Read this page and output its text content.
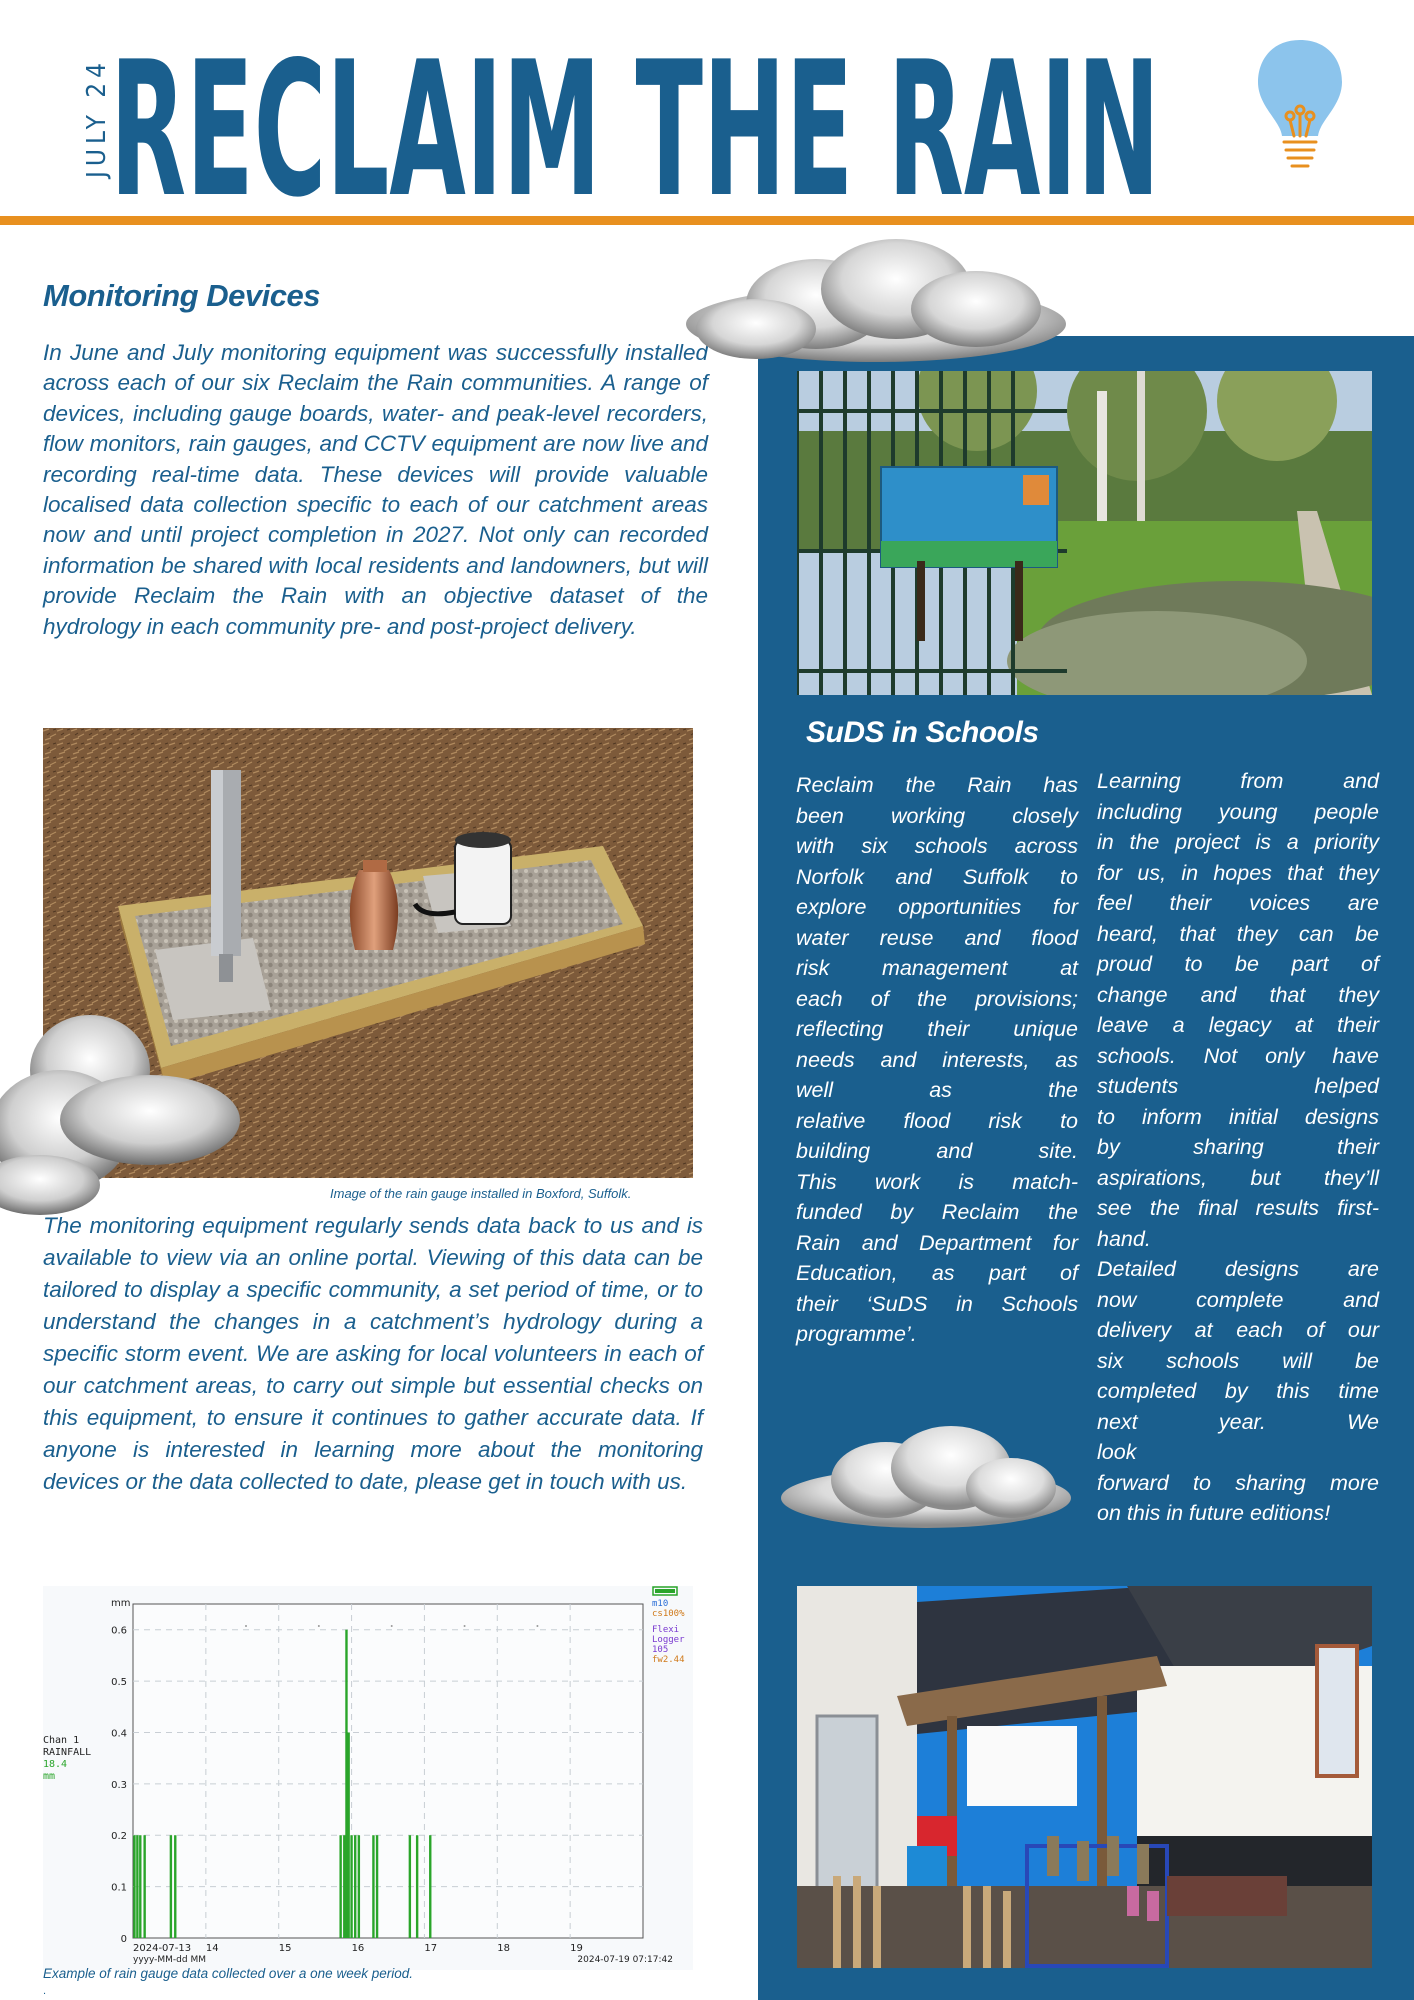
JULY 24
RECLAIM THE RAIN
Monitoring Devices

In June and July monitoring equipment was successfully installed across each of our six Reclaim the Rain communities. A range of devices, including gauge boards, water- and peak-level recorders, flow monitors, rain gauges, and CCTV equipment are now live and recording real-time data. These devices will provide valuable localised data collection specific to each of our catchment areas now and until project completion in 2027. Not only can recorded information be shared with local residents and landowners, but will provide Reclaim the Rain with an objective dataset of the hydrology in each community pre- and post-project delivery.

Image of the rain gauge installed in Boxford, Suffolk.

The monitoring equipment regularly sends data back to us and is available to view via an online portal. Viewing of this data can be tailored to display a specific community, a set period of time, or to understand the changes in a catchment’s hydrology during a specific storm event. We are asking for local volunteers in each of our catchment areas, to carry out simple but essential checks on this equipment, to ensure it continues to gather accurate data. If anyone is interested in learning more about the monitoring devices or the data collected to date, please get in touch with us.

0
0.1
0.2
0.3
0.4
0.5
0.6
mm
2024-07-13 14	15	16	17	18	19
yyyy-MM-dd MM	2024-07-19 07:17:42
Chan 1
RAINFALL
18.4
mm
m10
cs100%
Flexi
Logger
105
fw2.44
Example of rain gauge data collected over a one week period.
.
SuDS in Schools
Reclaim the Rain has
been working closely
with six schools across
Norfolk and Suffolk to
explore opportunities for
water reuse and flood
risk management at
each of the provisions;
reflecting their unique
needs and interests, as
well as the
relative flood risk to
building and site.
This work is match-
funded by Reclaim the
Rain and Department for
Education, as part of
their ‘SuDS in Schools
programme’.
Learning from and
including young people
in the project is a priority
for us, in hopes that they
feel their voices are
heard, that they can be
proud to be part of
change and that they
leave a legacy at their
schools. Not only have
students helped
to inform initial designs
by sharing their
aspirations, but they’ll
see the final results first-
hand.
Detailed designs are
now complete and
delivery at each of our
six schools will be
completed by this time
next year. We
look
forward to sharing more
on this in future editions!
